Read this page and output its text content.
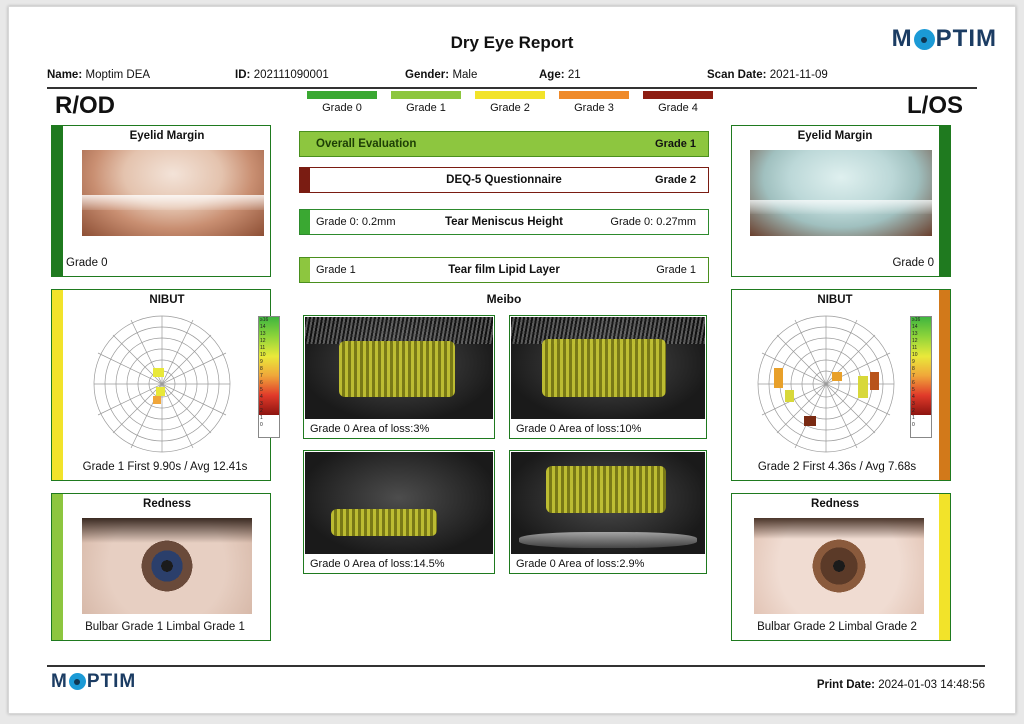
M PTIM
M PTIM
Dry Eye Report
Name: Moptim DEA	ID: 202111090001	Gender: Male	Age: 21	Scan Date: 2021-11-09
R/OD	L/OS
Grade 0	Grade 1	Grade 2	Grade 3	Grade 4
Overall Evaluation	Grade 1
DEQ-5 Questionnaire	Grade 2
Grade 0: 0.2mm	Tear Meniscus Height	Grade 0: 0.27mm
Grade 1	Tear film Lipid Layer	Grade 1
Meibo
Eyelid Margin
Grade 0
NIBUT
≥16
14
13
12
11
10
9
8
7
6
5
4
3
2
1
0
Grade 1 First 9.90s / Avg 12.41s
Redness
Bulbar Grade 1 Limbal Grade 1
Grade 0 Area of loss:3%	Grade 0 Area of loss:10%
Grade 0 Area of loss:14.5%	Grade 0 Area of loss:2.9%
Eyelid Margin
Grade 0
NIBUT
≥16
14
13
12
11
10
9
8
7
6
5
4
3
2
1
0
Grade 2 First 4.36s / Avg 7.68s
Redness
Bulbar Grade 2 Limbal Grade 2
Print Date: 2024-01-03 14:48:56
